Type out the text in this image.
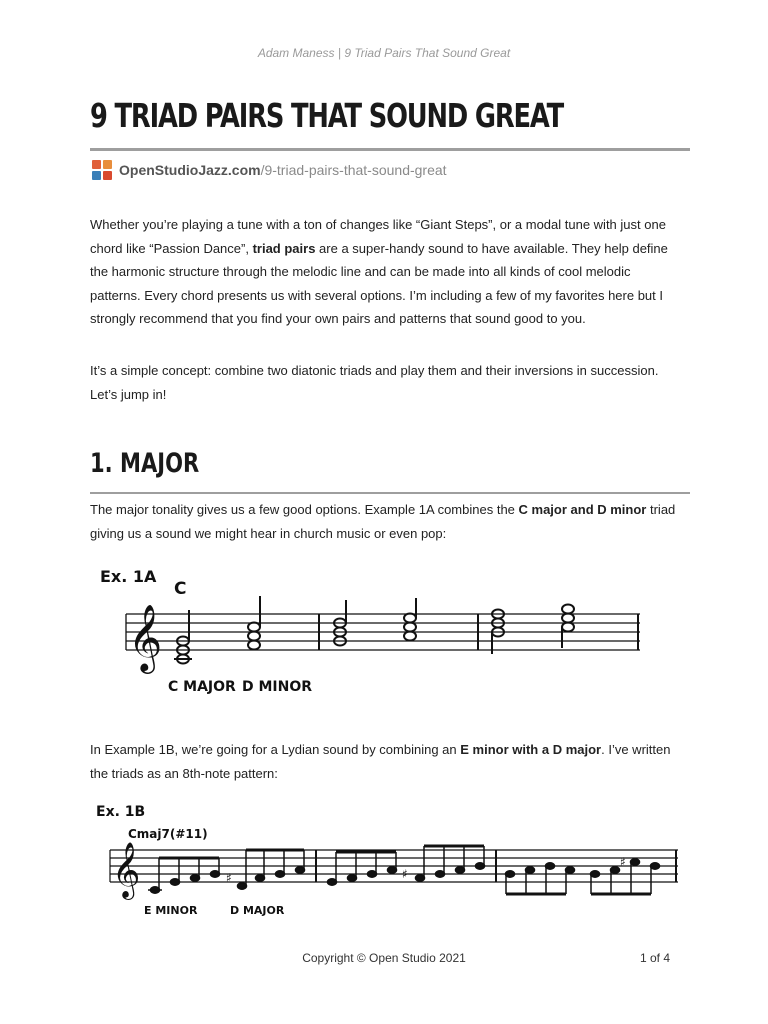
Adam Maness | 9 Triad Pairs That Sound Great
9 TRIAD PAIRS THAT SOUND GREAT
OpenStudioJazz.com /9-triad-pairs-that-sound-great

Whether you’re playing a tune with a ton of changes like “Giant Steps”, or a modal tune with just one chord like “Passion Dance”, triad pairs are a super-handy sound to have available. They help define the harmonic structure through the melodic line and can be made into all kinds of cool melodic patterns. Every chord presents us with several options. I’m including a few of my favorites here but I strongly recommend that you find your own pairs and patterns that sound good to you.

It’s a simple concept: combine two diatonic triads and play them and their inversions in succession. Let’s jump in!

1. MAJOR

The major tonality gives us a few good options. Example 1A combines the C major and D minor triad giving us a sound we might hear in church music or even pop:

Ex. 1A
C
𝄞
C MAJOR D MINOR

In Example 1B, we’re going for a Lydian sound by combining an E minor with a D major. I’ve written the triads as an 8th-note pattern:

Ex. 1B
Cmaj7(#11)
𝄞	♯	♯
♯
E MINOR	D MAJOR
Copyright © Open Studio 2021	1 of 4
